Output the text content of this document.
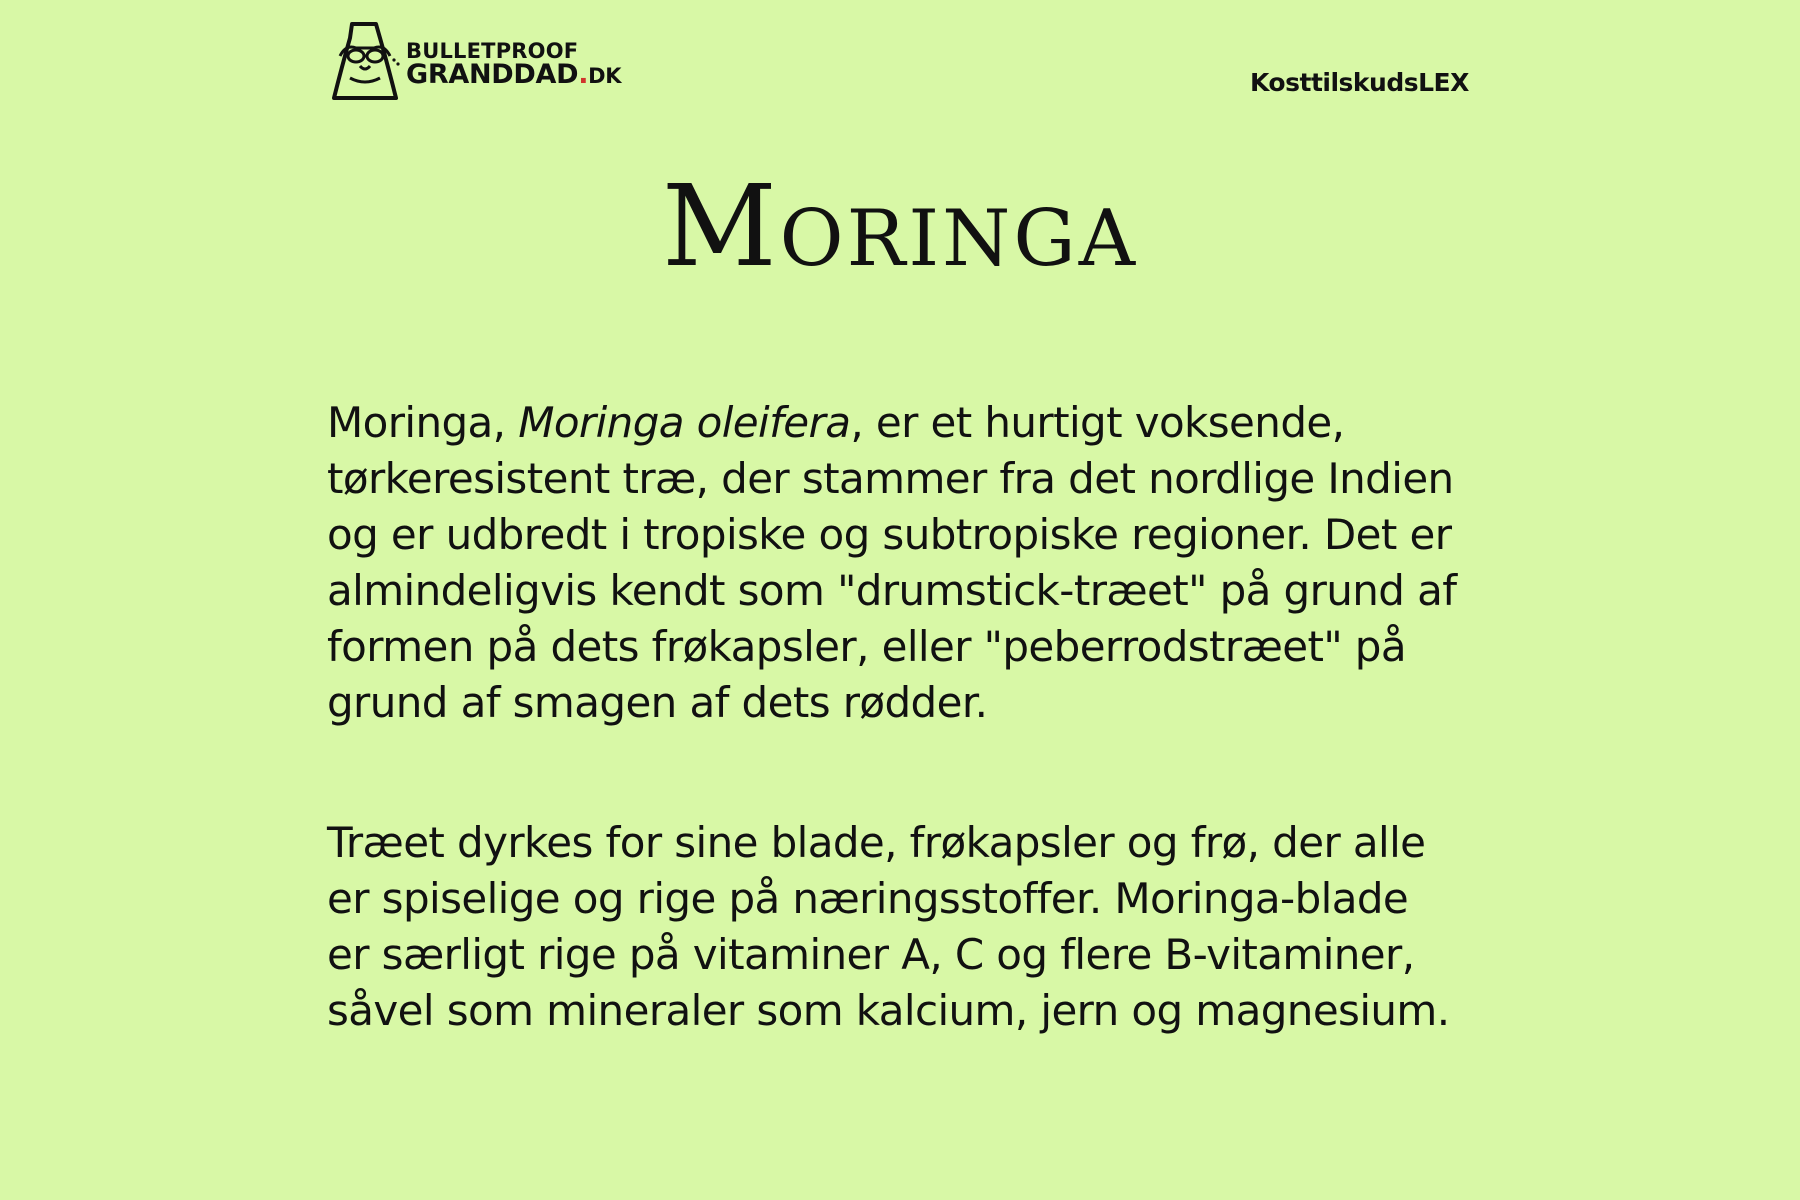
BULLETPROOF
GRANDDAD.DK	KosttilskudsLEX
Moringa

Moringa, Moringa oleifera, er et hurtigt voksende, tørkeresistent træ, der stammer fra det nordlige Indien og er udbredt i tropiske og subtropiske regioner. Det er almindeligvis kendt som "drumstick-træet" på grund af formen på dets frøkapsler, eller "peberrodstræet" på grund af smagen af dets rødder.

Træet dyrkes for sine blade, frøkapsler og frø, der alle er spiselige og rige på næringsstoffer. Moringa-blade er særligt rige på vitaminer A, C og flere B-vitaminer, såvel som mineraler som kalcium, jern og magnesium.
